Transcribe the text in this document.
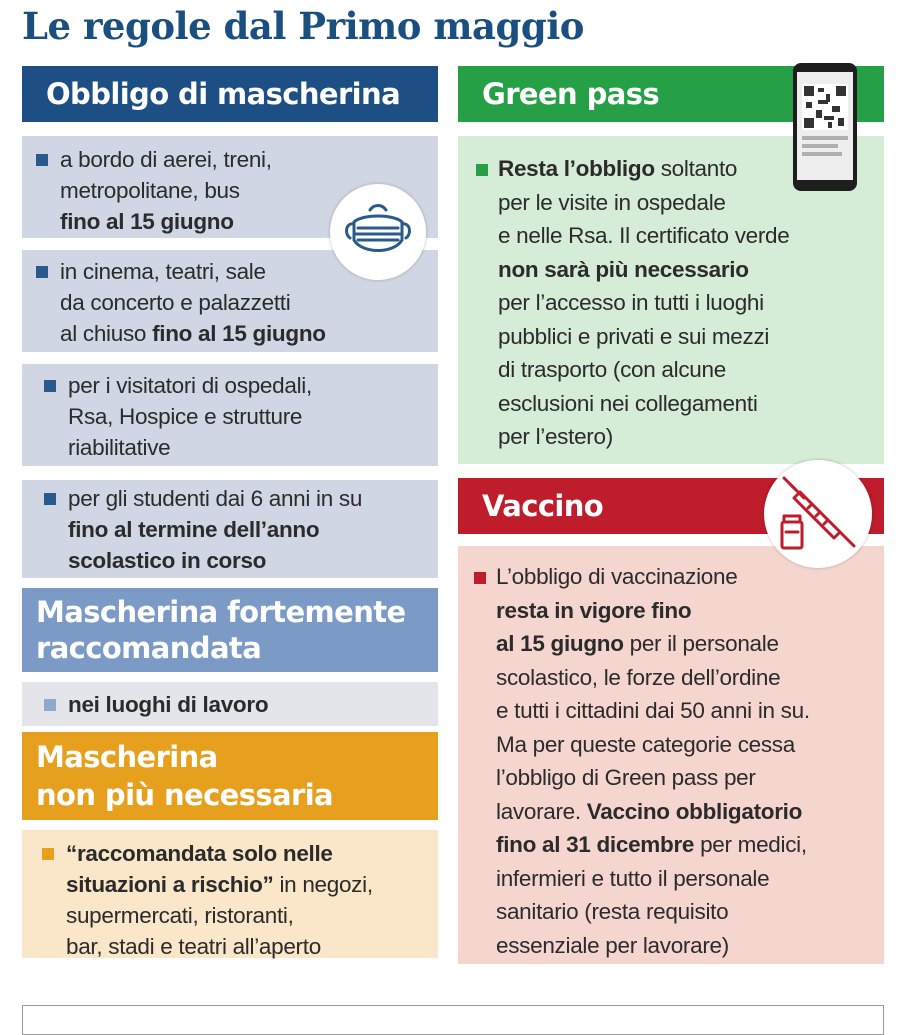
Le regole dal Primo maggio
Obbligo di mascherina
a bordo di aerei, treni,
metropolitane, bus
fino al 15 giugno
in cinema, teatri, sale
da concerto e palazzetti
al chiuso fino al 15 giugno
per i visitatori di ospedali,
Rsa, Hospice e strutture
riabilitative
per gli studenti dai 6 anni in su
fino al termine dell’anno
scolastico in corso
Mascherina fortemente
raccomandata
nei luoghi di lavoro
Mascherina
non più necessaria
“raccomandata solo nelle
situazioni a rischio” in negozi,
supermercati, ristoranti,
bar, stadi e teatri all’aperto
Green pass
Resta l’obbligo soltanto
per le visite in ospedale
e nelle Rsa. Il certificato verde
non sarà più necessario
per l’accesso in tutti i luoghi
pubblici e privati e sui mezzi
di trasporto (con alcune
esclusioni nei collegamenti
per l’estero)
Vaccino
L’obbligo di vaccinazione
resta in vigore fino
al 15 giugno per il personale
scolastico, le forze dell’ordine
e tutti i cittadini dai 50 anni in su.
Ma per queste categorie cessa
l’obbligo di Green pass per
lavorare. Vaccino obbligatorio
fino al 31 dicembre per medici,
infermieri e tutto il personale
sanitario (resta requisito
essenziale per lavorare)
